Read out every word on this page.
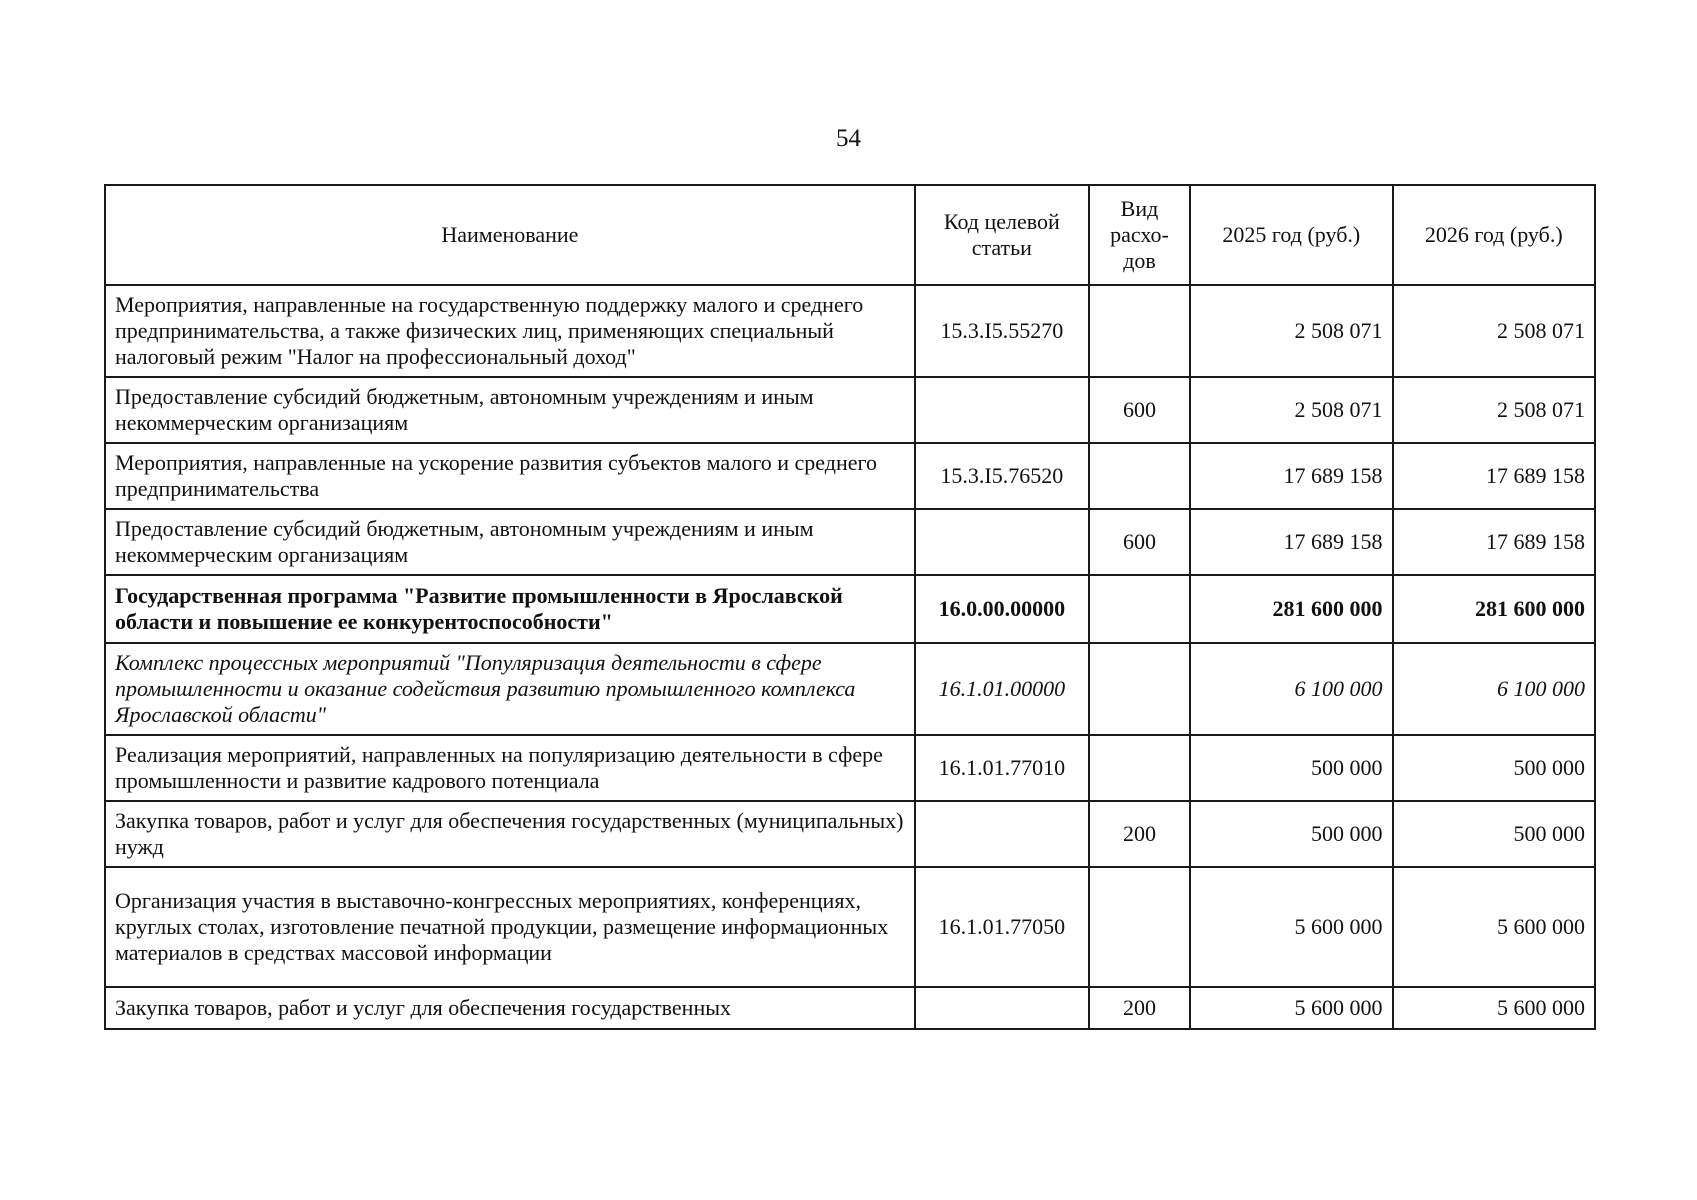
54
Наименование	Код целевой статьи	Вид расхо-дов	2025 год (руб.)	2026 год (руб.)
Мероприятия, направленные на государственную поддержку малого и среднего предпринимательства, а также физических лиц, применяющих специальный налоговый режим "Налог на профессиональный доход"	15.3.I5.55270		2 508 071	2 508 071
Предоставление субсидий бюджетным, автономным учреждениям и иным некоммерческим организациям		600	2 508 071	2 508 071
Мероприятия, направленные на ускорение развития субъектов малого и среднего предпринимательства	15.3.I5.76520		17 689 158	17 689 158
Предоставление субсидий бюджетным, автономным учреждениям и иным некоммерческим организациям		600	17 689 158	17 689 158
Государственная программа "Развитие промышленности в Ярославской области и повышение ее конкурентоспособности"	16.0.00.00000		281 600 000	281 600 000
Комплекс процессных мероприятий "Популяризация деятельности в сфере промышленности и оказание содействия развитию промышленного комплекса Ярославской области"	16.1.01.00000		6 100 000	6 100 000
Реализация мероприятий, направленных на популяризацию деятельности в сфере промышленности и развитие кадрового потенциала	16.1.01.77010		500 000	500 000
Закупка товаров, работ и услуг для обеспечения государственных (муниципальных) нужд		200	500 000	500 000
Организация участия в выставочно-конгрессных мероприятиях, конференциях, круглых столах, изготовление печатной продукции, размещение информационных материалов в средствах массовой информации	16.1.01.77050		5 600 000	5 600 000
Закупка товаров, работ и услуг для обеспечения государственных		200	5 600 000	5 600 000
